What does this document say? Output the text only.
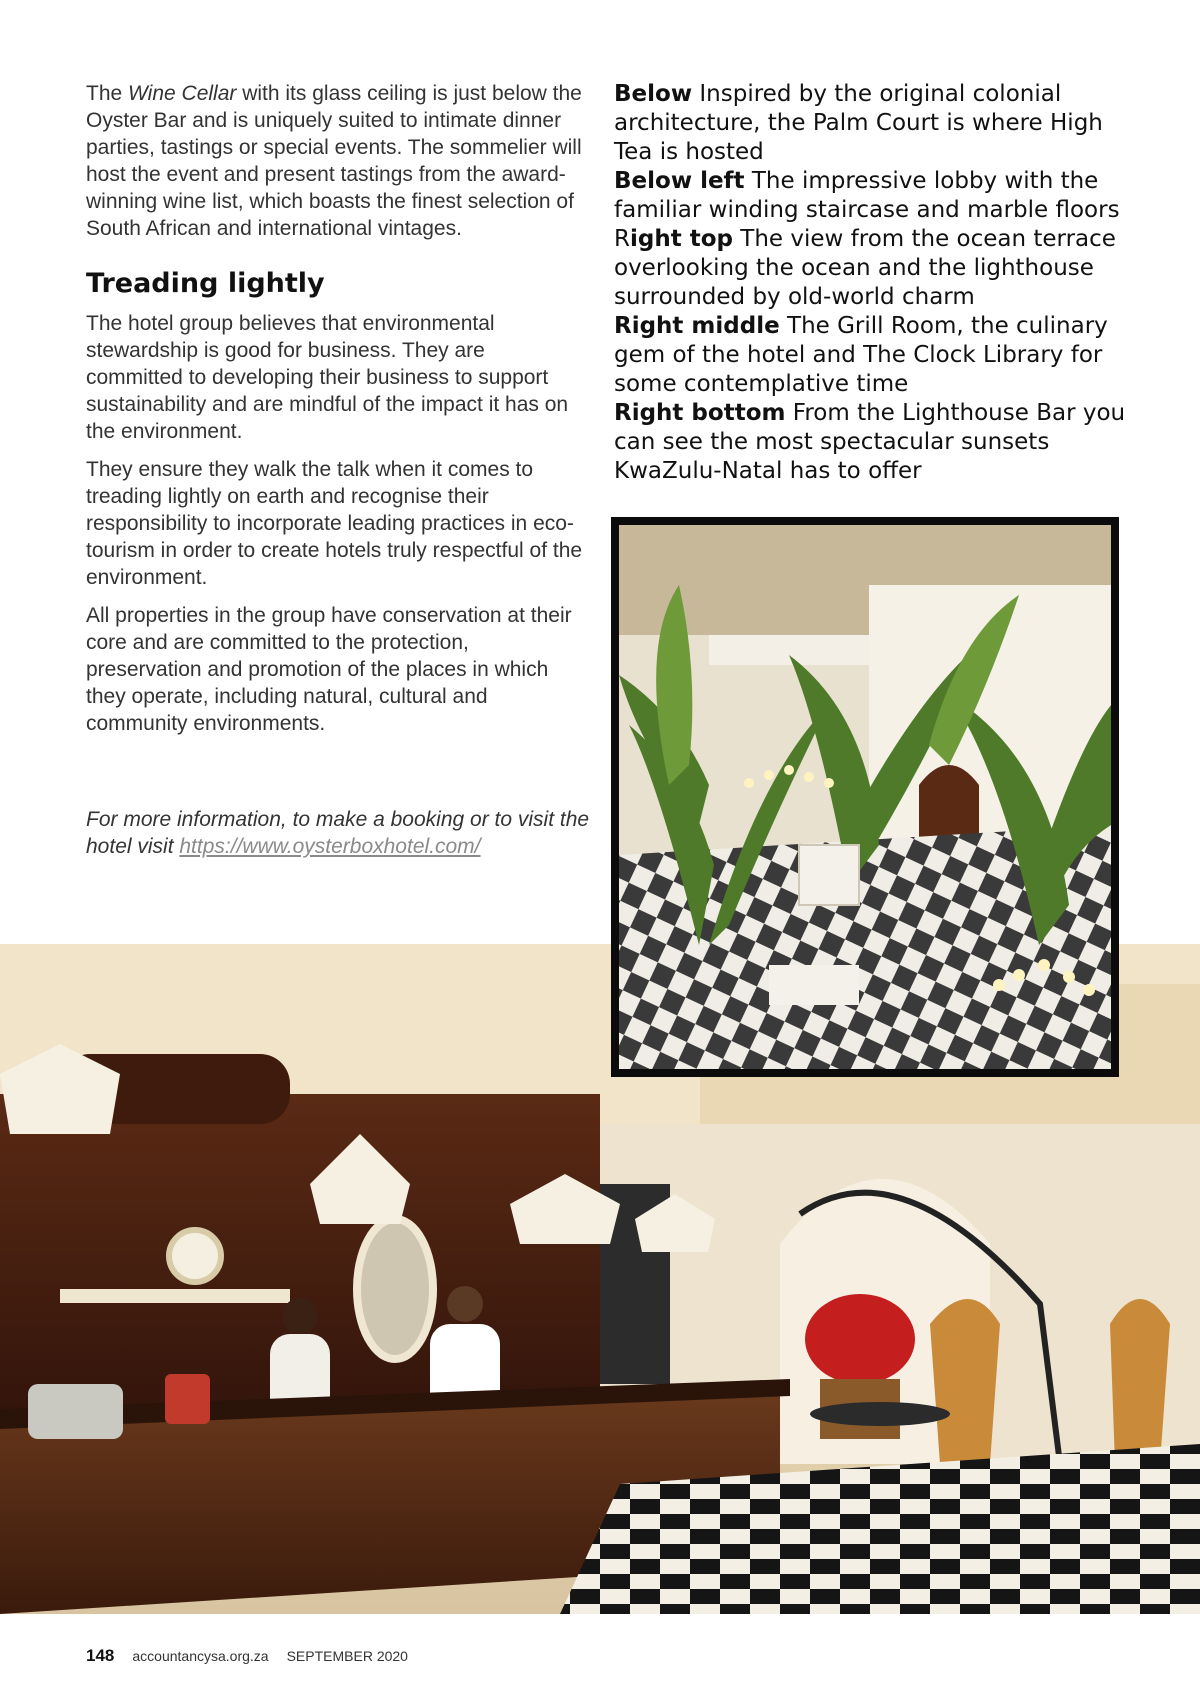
The Wine Cellar with its glass ceiling is just below the Oyster Bar and is uniquely suited to intimate dinner parties, tastings or special events. The sommelier will host the event and present tastings from the award-winning wine list, which boasts the finest selection of South African and international vintages.

Treading lightly

The hotel group believes that environmental stewardship is good for business. They are committed to developing their business to support sustainability and are mindful of the impact it has on the environment.

They ensure they walk the talk when it comes to treading lightly on earth and recognise their responsibility to incorporate leading practices in eco-tourism in order to create hotels truly respectful of the environment.

All properties in the group have conservation at their core and are committed to the protection, preservation and promotion of the places in which they operate, including natural, cultural and community environments.

For more information, to make a booking or to visit the hotel visit https://www.oysterboxhotel.com/

Below Inspired by the original colonial architecture, the Palm Court is where High Tea is hosted

Below left The impressive lobby with the familiar winding staircase and marble floors

Right top The view from the ocean terrace overlooking the ocean and the lighthouse surrounded by old-world charm

Right middle The Grill Room, the culinary gem of the hotel and The Clock Library for some contemplative time

Right bottom From the Lighthouse Bar you can see the most spectacular sunsets KwaZulu-Natal has to offer

148 accountancysa.org.za SEPTEMBER 2020
